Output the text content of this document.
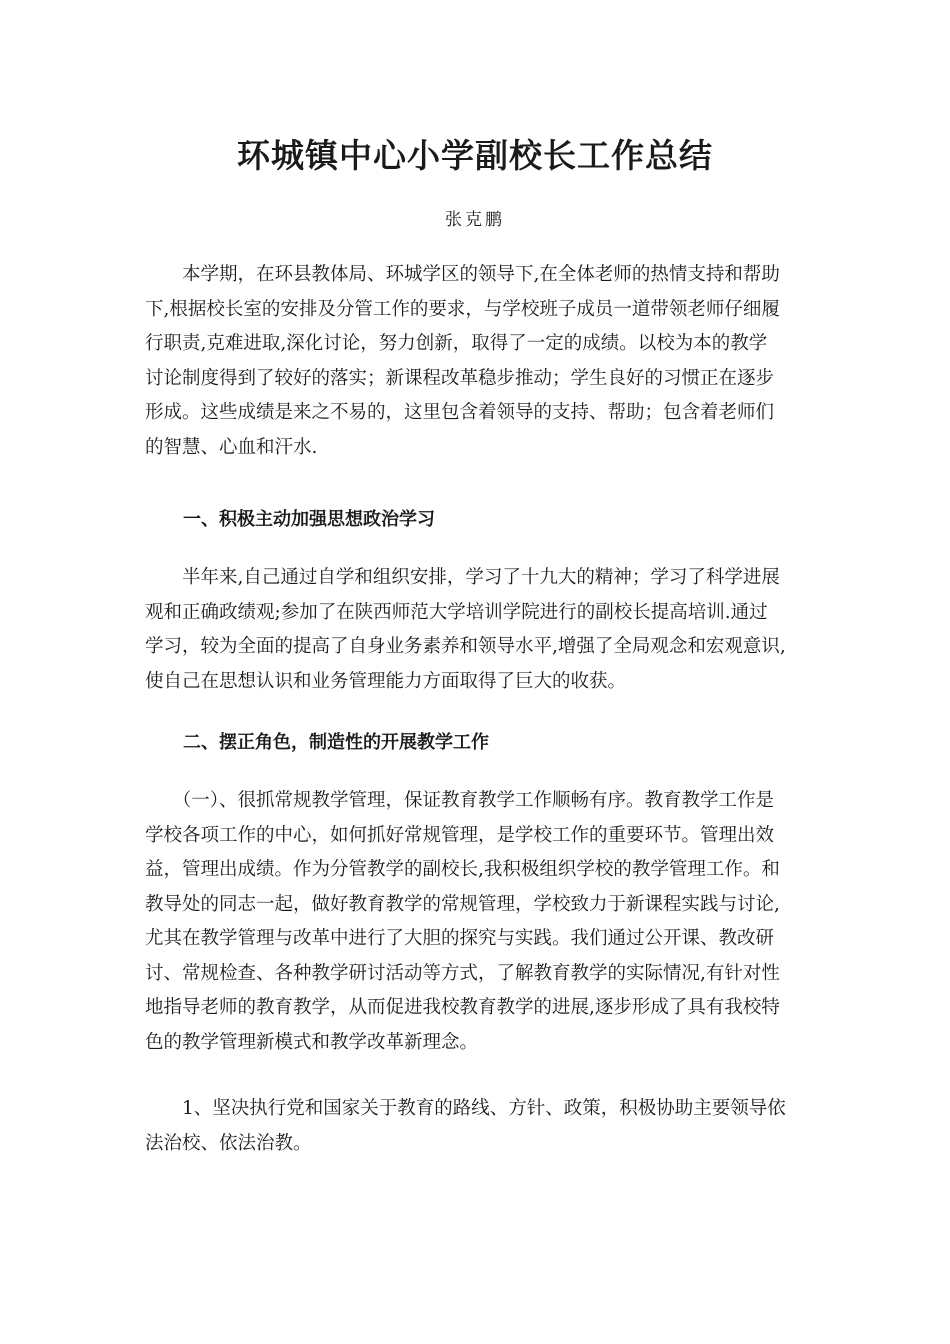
环城镇中心小学副校长工作总结
张克鹏
　　本学期，在环县教体局、环城学区的领导下,在全体老师的热情支持和帮助
下,根据校长室的安排及分管工作的要求，与学校班子成员一道带领老师仔细履
行职责,克难进取,深化讨论，努力创新，取得了一定的成绩。以校为本的教学
讨论制度得到了较好的落实；新课程改革稳步推动；学生良好的习惯正在逐步
形成。这些成绩是来之不易的，这里包含着领导的支持、帮助；包含着老师们
的智慧、心血和汗水.
一、积极主动加强思想政治学习
　　半年来,自己通过自学和组织安排，学习了十九大的精神；学习了科学进展
观和正确政绩观;参加了在陕西师范大学培训学院进行的副校长提高培训.通过
学习，较为全面的提高了自身业务素养和领导水平,增强了全局观念和宏观意识,
使自己在思想认识和业务管理能力方面取得了巨大的收获。
二、摆正角色，制造性的开展教学工作
　　（一）、很抓常规教学管理，保证教育教学工作顺畅有序。教育教学工作是
学校各项工作的中心，如何抓好常规管理，是学校工作的重要环节。管理出效
益，管理出成绩。作为分管教学的副校长,我积极组织学校的教学管理工作。和
教导处的同志一起，做好教育教学的常规管理，学校致力于新课程实践与讨论,
尤其在教学管理与改革中进行了大胆的探究与实践。我们通过公开课、教改研
讨、常规检查、各种教学研讨活动等方式，了解教育教学的实际情况,有针对性
地指导老师的教育教学，从而促进我校教育教学的进展,逐步形成了具有我校特
色的教学管理新模式和教学改革新理念。
　　1、坚决执行党和国家关于教育的路线、方针、政策，积极协助主要领导依
法治校、依法治教。
